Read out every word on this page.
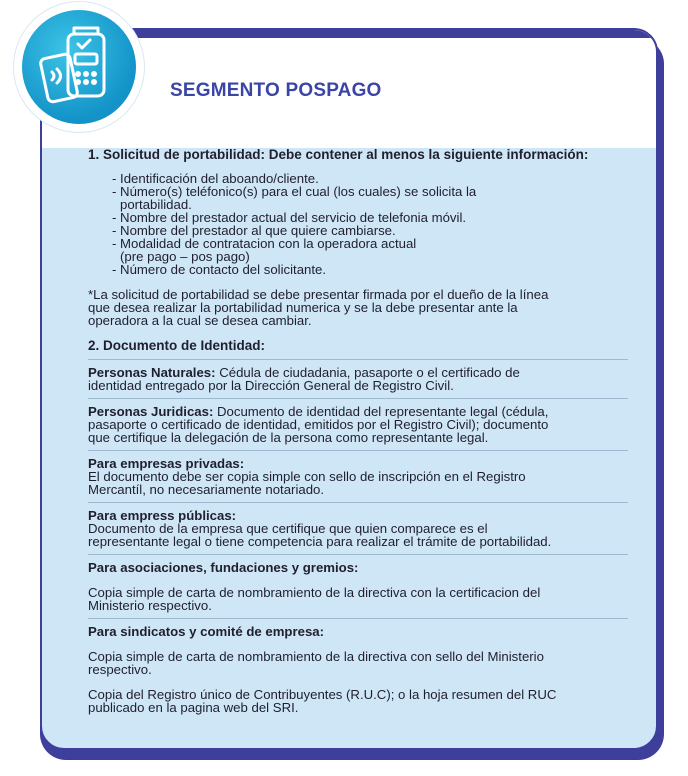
SEGMENTO POSPAGO
1. Solicitud de portabilidad: Debe contener al menos la siguiente información:
- Identificación del aboando/cliente.
- Número(s) teléfonico(s) para el cual (los cuales) se solicita la
portabilidad.
- Nombre del prestador actual del servicio de telefonia móvil.
- Nombre del prestador al que quiere cambiarse.
- Modalidad de contratacion con la operadora actual
(pre pago – pos pago)
- Número de contacto del solicitante.
*La solicitud de portabilidad se debe presentar firmada por el dueño de la línea
que desea realizar la portabilidad numerica y se la debe presentar ante la
operadora a la cual se desea cambiar.
2. Documento de Identidad:
Personas Naturales: Cédula de ciudadania, pasaporte o el certificado de
identidad entregado por la Dirección General de Registro Civil.
Personas Juridicas: Documento de identidad del representante legal (cédula,
pasaporte o certificado de identidad, emitidos por el Registro Civil); documento
que certifique la delegación de la persona como representante legal.
Para empresas privadas:
El documento debe ser copia simple con sello de inscripción en el Registro
Mercantíl, no necesariamente notariado.
Para empress públicas:
Documento de la empresa que certifique que quien comparece es el
representante legal o tiene competencia para realizar el trámite de portabilidad.
Para asociaciones, fundaciones y gremios:
Copia simple de carta de nombramiento de la directiva con la certificacion del
Ministerio respectivo.
Para sindicatos y comité de empresa:
Copia simple de carta de nombramiento de la directiva con sello del Ministerio
respectivo.
Copia del Registro único de Contribuyentes (R.U.C); o la hoja resumen del RUC
publicado en la pagina web del SRI.
